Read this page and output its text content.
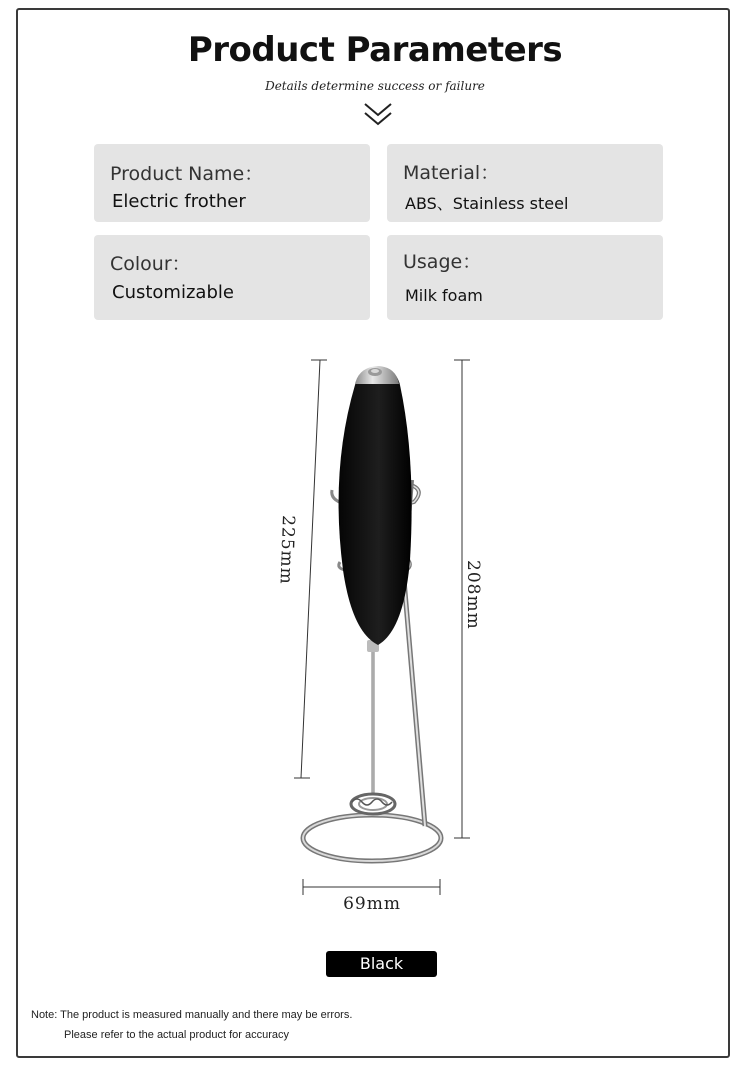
Product Parameters
Details determine success or failure
Product Name：
Electric frother
Material：
ABS、Stainless steel
Colour：
Customizable
Usage：
Milk foam
225mm
208mm
69mm
Black
Note: The product is measured manually and there may be errors.
Please refer to the actual product for accuracy
